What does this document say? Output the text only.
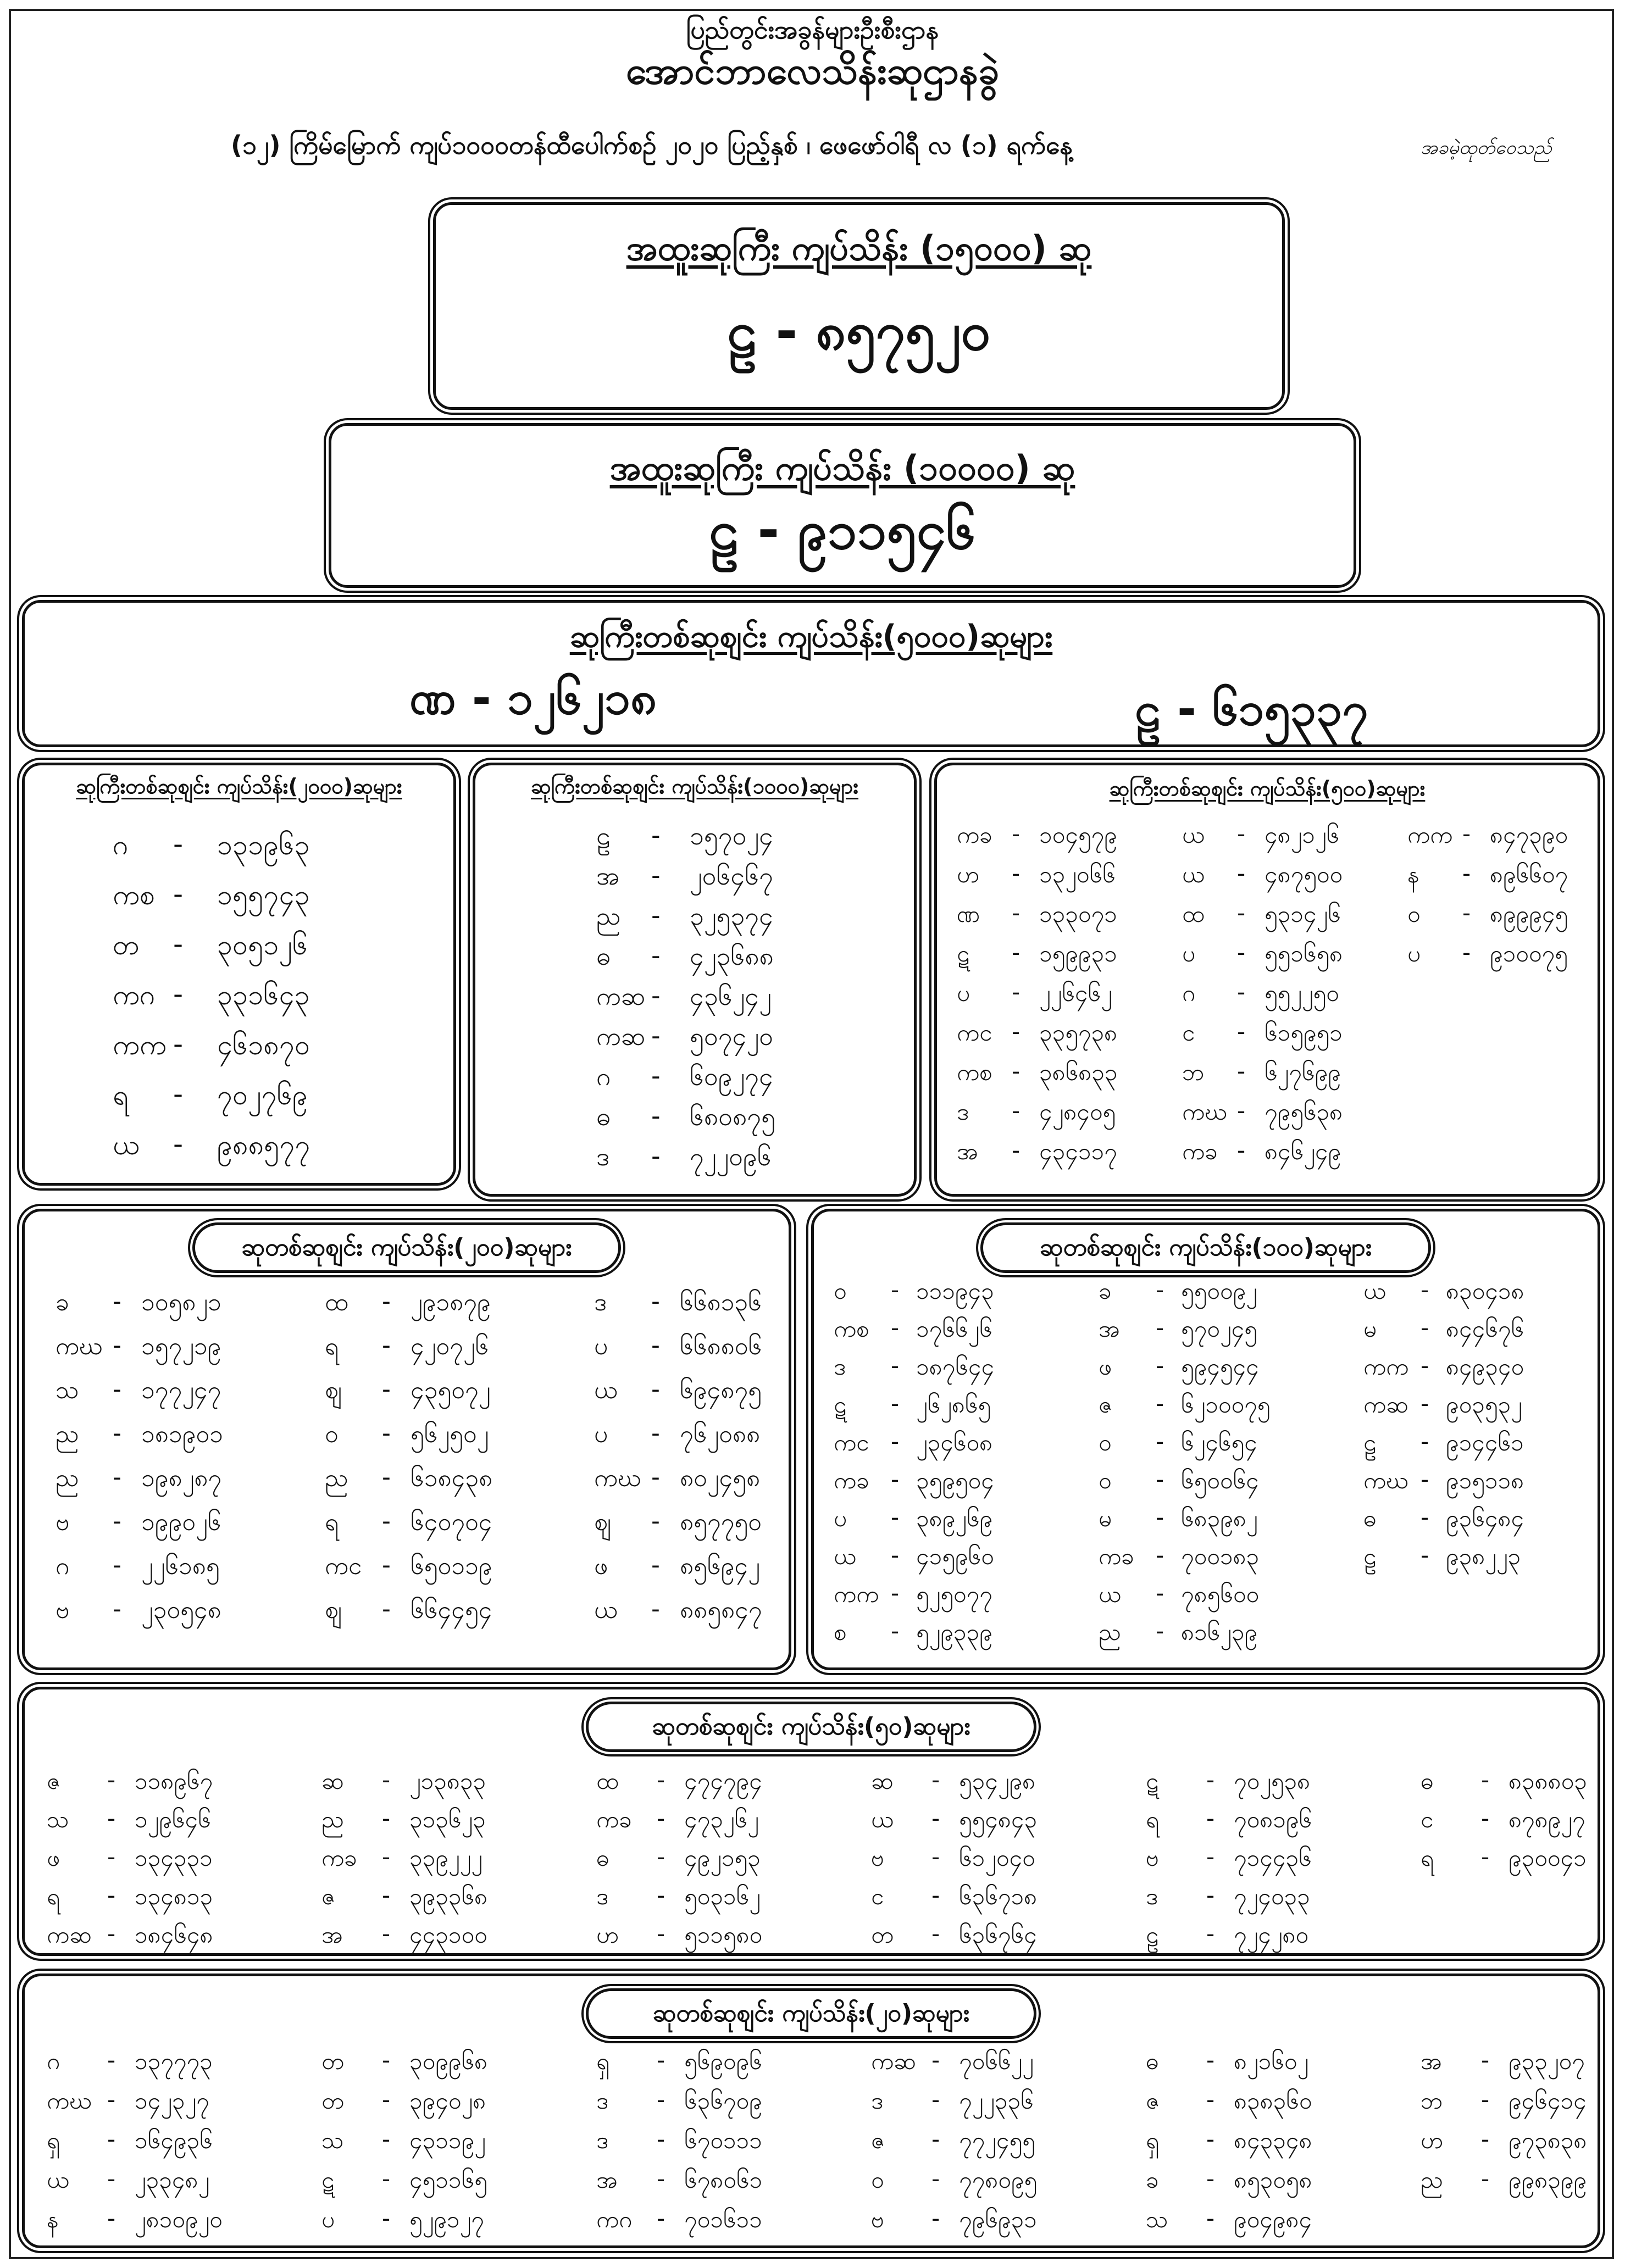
ပြည်တွင်းအခွန်များဦးစီးဌာန
အောင်ဘာလေသိန်းဆုဌာနခွဲ
(၁၂) ကြိမ်မြောက် ကျပ်၁၀၀၀တန်ထီပေါက်စဉ် ၂၀၂၀ ပြည့်နှစ် ၊ ဖေဖော်ဝါရီ လ (၁) ရက်နေ့	အခမဲ့ထုတ်ဝေသည်
အထူးဆုကြီး ကျပ်သိန်း (၁၅၀၀၀) ဆု
ဠ - ၈၅၇၅၂၀
အထူးဆုကြီး ကျပ်သိန်း (၁၀၀၀၀) ဆု
ဠ - ၉၁၁၅၄၆
ဆုကြီးတစ်ဆုစျင်း ကျပ်သိန်း(၅၀၀၀)ဆုများ
ဏ - ၁၂၆၂၁၈	ဠ - ၆၁၅၃၃၇
ဆုကြီးတစ်ဆုစျင်း ကျပ်သိန်း(၂၀၀၀)ဆုများ
ဂ - ၁၃၁၉၆၃
ကစ - ၁၅၅၇၄၃
တ - ၃၀၅၁၂၆
ကဂ - ၃၃၁၆၄၃
ကက - ၄၆၁၈၇၀
ရ - ၇၀၂၇၆၉
ယ - ၉၈၈၅၇၇
ဆုကြီးတစ်ဆုစျင်း ကျပ်သိန်း(၁၀၀၀)ဆုများ
ဠ - ၁၅၇၀၂၄
အ - ၂၀၆၄၆၇
ည - ၃၂၅၃၇၄
ဓ - ၄၂၃၆၈၈
ကဆ - ၄၃၆၂၄၂
ကဆ - ၅၀၇၄၂၀
ဂ - ၆၀၉၂၇၄
ဓ - ၆၈၀၈၇၅
ဒ - ၇၂၂၀၉၆
ဆုကြီးတစ်ဆုစျင်း ကျပ်သိန်း(၅၀၀)ဆုများ
ကခ - ၁၀၄၅၇၉
ဟ - ၁၃၂၀၆၆
ဏ - ၁၃၃၀၇၁
ဋ - ၁၅၉၉၃၁
ပ - ၂၂၆၄၆၂
ကင - ၃၃၅၇၃၈
ကစ - ၃၈၆၈၃၃
ဒ - ၄၂၈၄၀၅
အ - ၄၃၄၁၁၇
ယ - ၄၈၂၁၂၆
ယ - ၄၈၇၅၀၀
ထ - ၅၃၁၄၂၆
ပ - ၅၅၁၆၅၈
ဂ - ၅၅၂၂၅၀
င - ၆၁၅၉၅၁
ဘ - ၆၂၇၆၉၉
ကဃ - ၇၉၅၆၃၈
ကခ - ၈၄၆၂၄၉
ကက - ၈၄၇၃၉၀
န - ၈၉၆၆၀၇
ဝ - ၈၉၉၉၄၅
ပ - ၉၁၀၀၇၅
ဆုတစ်ဆုစျင်း ကျပ်သိန်း(၂၀၀)ဆုများ
ခ - ၁၀၅၈၂၁
ကဃ - ၁၅၇၂၁၉
သ - ၁၇၇၂၄၇
ည - ၁၈၁၉၀၁
ည - ၁၉၈၂၈၇
ဗ - ၁၉၉၀၂၆
ဂ - ၂၂၆၁၈၅
ဗ - ၂၃၀၅၄၈
ထ - ၂၉၁၈၇၉
ရ - ၄၂၀၇၂၆
ဈ - ၄၃၅၀၇၂
ဝ - ၅၆၂၅၀၂
ည - ၆၁၈၄၃၈
ရ - ၆၄၀၇၀၄
ကင - ၆၅၀၁၁၉
ဈ - ၆၆၄၄၅၄
ဒ - ၆၆၈၁၃၆
ပ - ၆၆၈၈၀၆
ယ - ၆၉၄၈၇၅
ပ - ၇၆၂၀၈၈
ကဃ - ၈၀၂၄၅၈
ဈ - ၈၅၇၇၅၀
ဖ - ၈၅၆၉၄၂
ယ - ၈၈၅၈၄၇
ဆုတစ်ဆုစျင်း ကျပ်သိန်း(၁၀၀)ဆုများ
ဝ - ၁၁၁၉၄၃
ကစ - ၁၇၆၆၂၆
ဒ - ၁၈၇၆၄၄
ဋ - ၂၆၂၈၆၅
ကင - ၂၃၄၆၀၈
ကခ - ၃၅၉၅၀၄
ပ - ၃၈၉၂၆၉
ယ - ၄၁၅၉၆၀
ကက - ၅၂၅၀၇၇
စ - ၅၂၉၃၃၉
ခ - ၅၅၀၀၉၂
အ - ၅၇၀၂၄၅
ဖ - ၅၉၄၅၄၄
ဇ - ၆၂၁၀၀၇၅
ဝ - ၆၂၄၆၅၄
ဝ - ၆၅၀၀၆၄
မ - ၆၈၃၉၈၂
ကခ - ၇၀၀၁၈၃
ယ - ၇၈၅၆၀၀
ည - ၈၁၆၂၃၉
ယ - ၈၃၀၄၁၈
မ - ၈၄၄၆၇၆
ကက - ၈၄၉၃၄၀
ကဆ - ၉၀၃၅၃၂
ဠ - ၉၁၄၄၆၁
ကဃ - ၉၁၅၁၁၈
ဓ - ၉၃၆၄၈၄
ဠ - ၉၃၈၂၂၃
ဆုတစ်ဆုစျင်း ကျပ်သိန်း(၅၀)ဆုများ
ဇ - ၁၁၈၉၆၇
သ - ၁၂၉၆၄၆
ဖ - ၁၃၄၃၃၁
ရ - ၁၃၄၈၁၃
ကဆ - ၁၈၄၆၄၈
ဆ - ၂၁၃၈၃၃
ည - ၃၁၃၆၂၃
ကခ - ၃၃၉၂၂၂
ဇ - ၃၉၃၃၆၈
အ - ၄၄၃၁၀၀
ထ - ၄၇၄၇၉၄
ကခ - ၄၇၃၂၆၂
ဓ - ၄၉၂၁၅၃
ဒ - ၅၀၃၁၆၂
ဟ - ၅၁၁၅၈၀
ဆ - ၅၃၄၂၉၈
ယ - ၅၅၄၈၄၃
ဗ - ၆၁၂၀၄၀
င - ၆၃၆၇၁၈
တ - ၆၃၆၇၆၄
ဋ - ၇၀၂၅၃၈
ရ - ၇၀၈၁၉၆
ဗ - ၇၁၄၄၃၆
ဒ - ၇၂၄၀၃၃
ဠ - ၇၂၄၂၈၀
ဓ - ၈၃၈၈၀၃
င - ၈၇၈၉၂၇
ရ - ၉၃၀၀၄၁
ဆုတစ်ဆုစျင်း ကျပ်သိန်း(၂၀)ဆုများ
ဂ - ၁၃၇၇၇၃
ကဃ - ၁၄၂၃၂၇
ရှ - ၁၆၄၉၃၆
ယ - ၂၃၃၄၈၂
န - ၂၈၁၀၉၂၀
တ - ၃၀၉၉၆၈
တ - ၃၉၄၀၂၈
သ - ၄၃၁၁၉၂
ဋ - ၄၅၁၁၆၅
ပ - ၅၂၉၁၂၇
ရှ - ၅၆၉၀၉၆
ဒ - ၆၃၆၇၀၉
ဒ - ၆၇၀၁၁၁
အ - ၆၇၈၀၆၁
ကဂ - ၇၀၁၆၁၁
ကဆ - ၇၀၆၆၂၂
ဒ - ၇၂၂၃၃၆
ဇ - ၇၇၂၄၅၅
ဝ - ၇၇၈၀၉၅
ဗ - ၇၉၆၉၃၁
ဓ - ၈၂၁၆၀၂
ဇ - ၈၃၈၃၆၀
ရှ - ၈၄၃၃၄၈
ခ - ၈၅၃၀၅၈
သ - ၉၀၄၉၈၄
အ - ၉၃၃၂၀၇
ဘ - ၉၄၆၄၁၄
ဟ - ၉၇၃၈၃၈
ည - ၉၉၈၃၉၉
